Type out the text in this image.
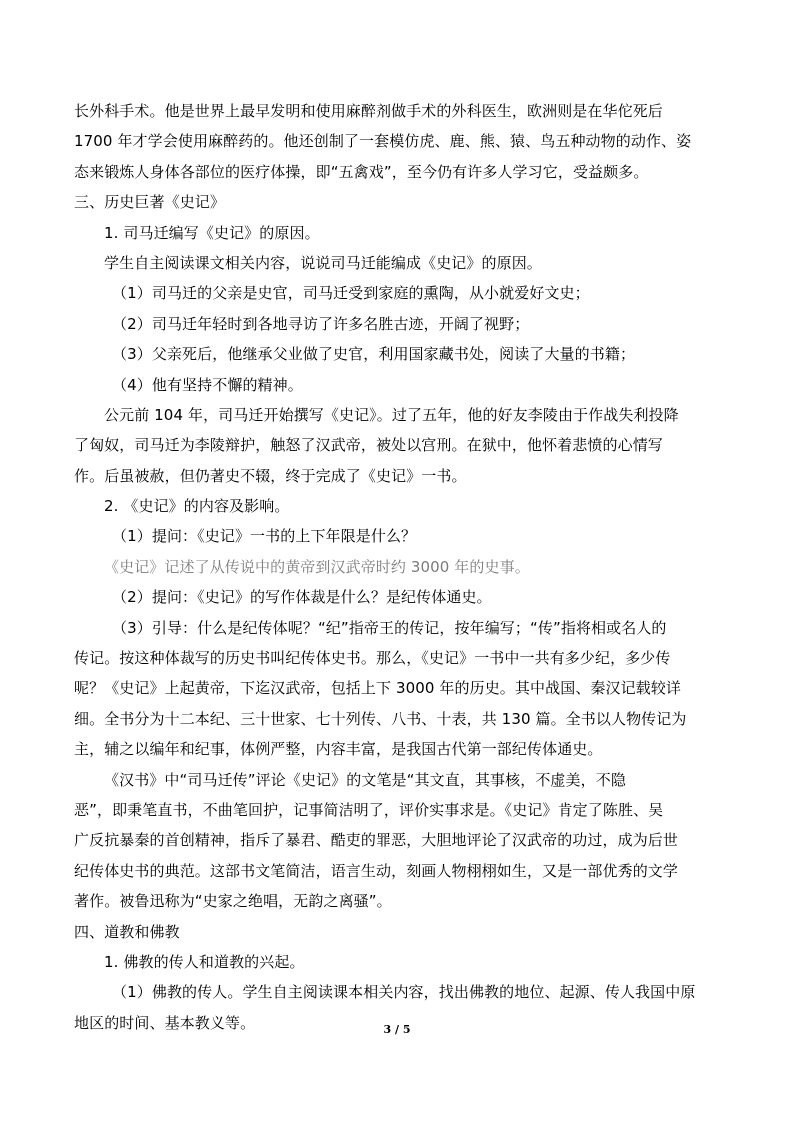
长外科手术。他是世界上最早发明和使用麻醉剂做手术的外科医生，欧洲则是在华佗死后
1700 年才学会使用麻醉药的。他还创制了一套模仿虎、鹿、熊、猿、鸟五种动物的动作、姿
态来锻炼人身体各部位的医疗体操，即“五禽戏”，至今仍有许多人学习它，受益颇多。
三、历史巨著《史记》
1. 司马迁编写《史记》的原因。
学生自主阅读课文相关内容，说说司马迁能编成《史记》的原因。
（1）司马迁的父亲是史官，司马迁受到家庭的熏陶，从小就爱好文史；
（2）司马迁年轻时到各地寻访了许多名胜古迹，开阔了视野；
（3）父亲死后，他继承父业做了史官，利用国家藏书处，阅读了大量的书籍；
（4）他有坚持不懈的精神。
公元前 104 年，司马迁开始撰写《史记》。过了五年，他的好友李陵由于作战失利投降
了匈奴，司马迁为李陵辩护，触怒了汉武帝，被处以宫刑。在狱中，他怀着悲愤的心情写
作。后虽被赦，但仍著史不辍，终于完成了《史记》一书。
2. 《史记》的内容及影响。
（1）提问：《史记》一书的上下年限是什么？
《史记》记述了从传说中的黄帝到汉武帝时约 3000 年的史事。
（2）提问：《史记》的写作体裁是什么？是纪传体通史。
（3）引导：什么是纪传体呢？“纪”指帝王的传记，按年编写；“传”指将相或名人的
传记。按这种体裁写的历史书叫纪传体史书。那么，《史记》一书中一共有多少纪，多少传
呢？《史记》上起黄帝，下迄汉武帝，包括上下 3000 年的历史。其中战国、秦汉记载较详
细。全书分为十二本纪、三十世家、七十列传、八书、十表，共 130 篇。全书以人物传记为
主，辅之以编年和纪事，体例严整，内容丰富，是我国古代第一部纪传体通史。
《汉书》中“司马迁传”评论《史记》的文笔是“其文直，其事核，不虚美，不隐
恶”，即秉笔直书，不曲笔回护，记事简洁明了，评价实事求是。《史记》肯定了陈胜、吴
广反抗暴秦的首创精神，指斥了暴君、酷吏的罪恶，大胆地评论了汉武帝的功过，成为后世
纪传体史书的典范。这部书文笔简洁，语言生动，刻画人物栩栩如生，又是一部优秀的文学
著作。被鲁迅称为“史家之绝唱，无韵之离骚”。
四、道教和佛教
1. 佛教的传人和道教的兴起。
（1）佛教的传人。学生自主阅读课本相关内容，找出佛教的地位、起源、传人我国中原
地区的时间、基本教义等。	3 / 5
